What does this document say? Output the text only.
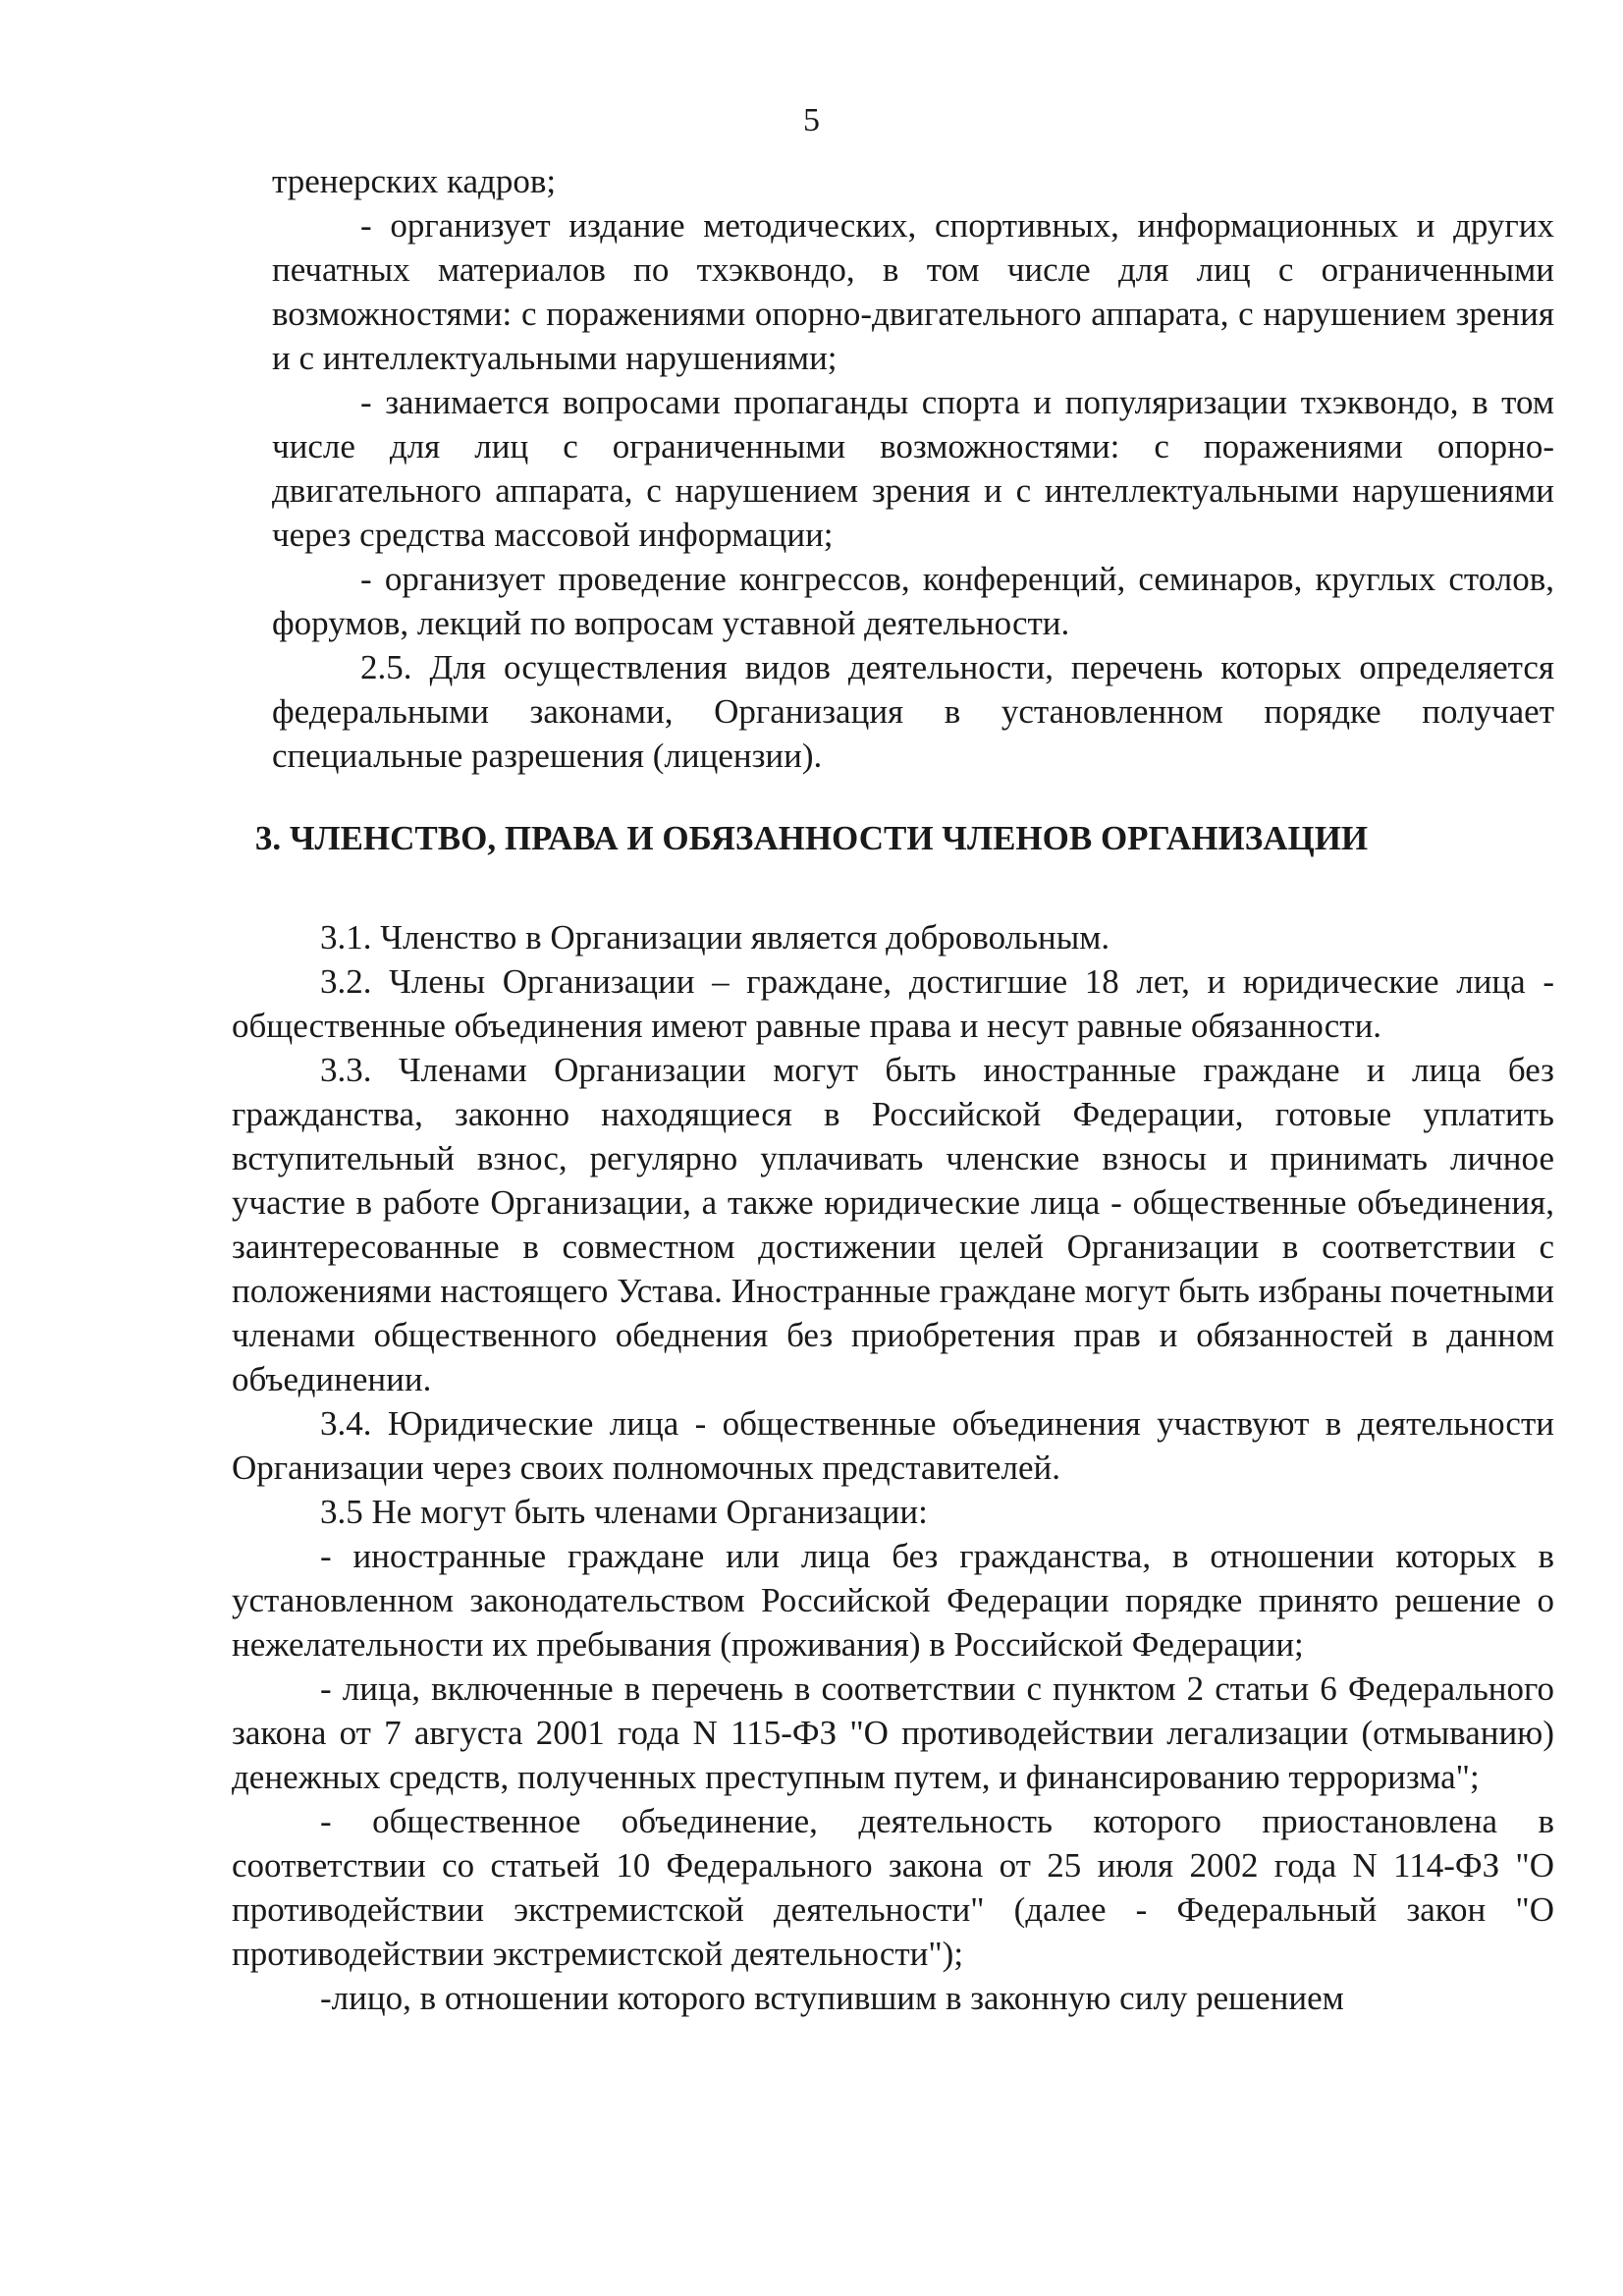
5

тренерских кадров;

- организует издание методических, спортивных, информационных и других печатных материалов по тхэквондо, в том числе для лиц с ограниченными возможностями: с поражениями опорно-двигательного аппарата, с нарушением зрения и с интеллектуальными нарушениями;

- занимается вопросами пропаганды спорта и популяризации тхэквондо, в том числе для лиц с ограниченными возможностями: с поражениями опорно-двигательного аппарата, с нарушением зрения и с интеллектуальными нарушениями через средства массовой информации;

- организует проведение конгрессов, конференций, семинаров, круглых столов, форумов, лекций по вопросам уставной деятельности.

2.5. Для осуществления видов деятельности, перечень которых определяется федеральными законами, Организация в установленном порядке получает специальные разрешения (лицензии).

3. ЧЛЕНСТВО, ПРАВА И ОБЯЗАННОСТИ ЧЛЕНОВ ОРГАНИЗАЦИИ

3.1. Членство в Организации является добровольным.

3.2. Члены Организации – граждане, достигшие 18 лет, и юридические лица - общественные объединения имеют равные права и несут равные обязанности.

3.3. Членами Организации могут быть иностранные граждане и лица без гражданства, законно находящиеся в Российской Федерации, готовые уплатить вступительный взнос, регулярно уплачивать членские взносы и принимать личное участие в работе Организации, а также юридические лица - общественные объединения, заинтересованные в совместном достижении целей Организации в соответствии с положениями настоящего Устава. Иностранные граждане могут быть избраны почетными членами общественного обеднения без приобретения прав и обязанностей в данном объединении.

3.4. Юридические лица - общественные объединения участвуют в деятельности Организации через своих полномочных представителей.

3.5 Не могут быть членами Организации:

- иностранные граждане или лица без гражданства, в отношении которых в установленном законодательством Российской Федерации порядке принято решение о нежелательности их пребывания (проживания) в Российской Федерации;

- лица, включенные в перечень в соответствии с пунктом 2 статьи 6 Федерального закона от 7 августа 2001 года N 115-ФЗ "О противодействии легализации (отмыванию) денежных средств, полученных преступным путем, и финансированию терроризма";

- общественное объединение, деятельность которого приостановлена в соответствии со статьей 10 Федерального закона от 25 июля 2002 года N 114-ФЗ "О противодействии экстремистской деятельности" (далее - Федеральный закон "О противодействии экстремистской деятельности");

-лицо, в отношении которого вступившим в законную силу решением
